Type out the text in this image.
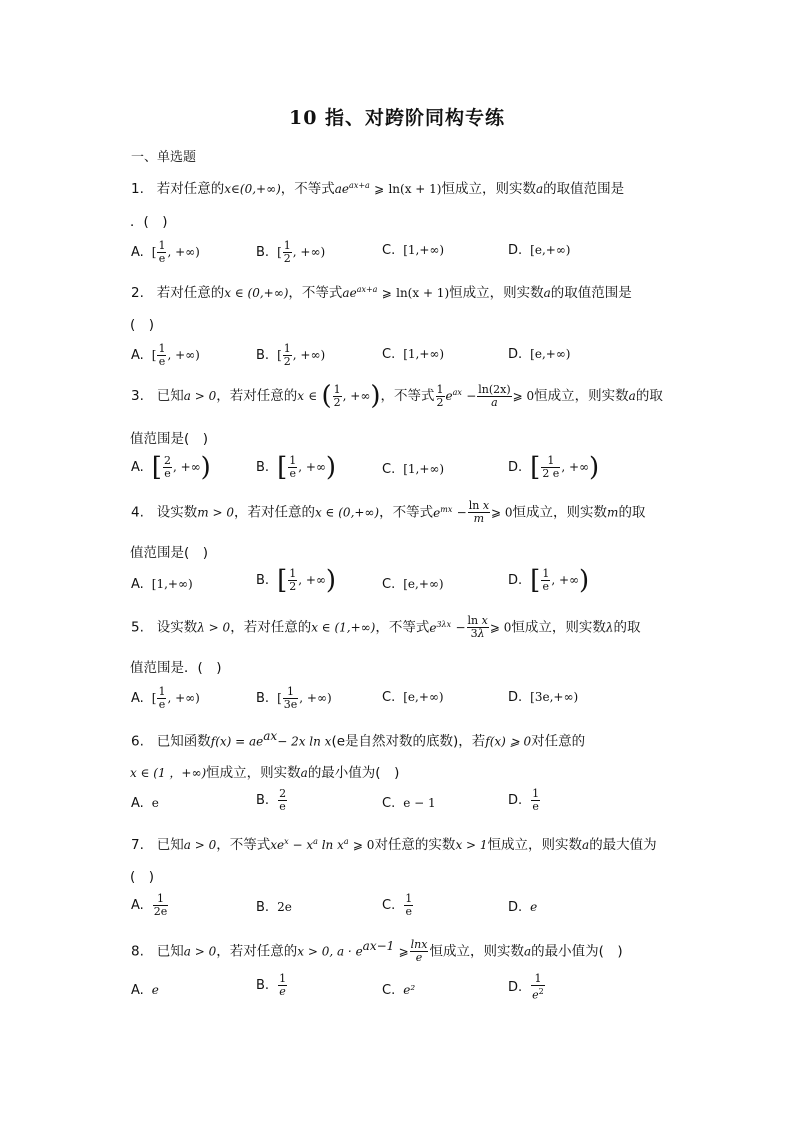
10 指、对跨阶同构专练
一、单选题
1. 若对任意的x∈(0,+∞)，不等式$ae^{ax+a}$ ⩾ ln(x + 1)恒成立，则实数a的取值范围是
．(　)
A. [ $\frac{1}{e}$ , +∞)	B. [ $\frac{1}{2}$ , +∞)	C. [1,+∞)	D. [e,+∞)
2. 若对任意的x ∈ (0,+∞)，不等式$ae^{ax+a}$ ⩾ ln(x + 1)恒成立，则实数a的取值范围是
(　)
A. [ $\frac{1}{e}$ , +∞)	B. [ $\frac{1}{2}$ , +∞)	C. [1,+∞)	D. [e,+∞)
3. 已知a > 0，若对任意的x ∈ ( $\frac{1}{2}$ , +∞)，不等式 $\frac{1}{2} e^{ax} - \frac{\ln(2x)}{a}$ ⩾ 0恒成立，则实数a的取
值范围是(　)
A. [ $\frac{2}{e}$ , +∞)	B. [ $\frac{1}{e}$ , +∞)	C. [1,+∞)	D. [ $\frac{1}{2 e}$ , +∞)
4. 设实数m > 0，若对任意的x ∈ (0,+∞)，不等式$e^{mx} - \frac{\text{ln x}}{m}$ ⩾ 0恒成立，则实数m的取
值范围是(　)
A. [1,+∞)	B. [ $\frac{1}{2}$ , +∞)	C. [e,+∞)	D. [ $\frac{1}{e}$ , +∞)
5. 设实数λ > 0，若对任意的x ∈ (1,+∞)，不等式$e^{3\lambda x} - \frac{\text{ln x}}{3\lambda}$ ⩾ 0恒成立，则实数λ的取
值范围是．(　)
A. [ $\frac{1}{e}$ , +∞)	B. [ $\frac{1}{3e}$ , +∞)	C. [e,+∞)	D. [3e,+∞)
6. 已知函数$f(x) = ae^{ax}- 2x$ ln x(e是自然对数的底数)，若f(x) ⩾ 0对任意的
x ∈ (1 ，+∞)恒成立，则实数a的最小值为(　)
A. e	B. $\frac{2}{e}$	C. e − 1	D. $\frac{1}{e}$
7. 已知a > 0，不等式$xe^x - x^a$ $\ln x^a$ ⩾ 0对任意的实数x > 1恒成立，则实数a的最大值为
(　)
A. $\frac{1}{2e}$	B. 2e	C. $\frac{1}{e}$	D. e
8. 已知a > 0，若对任意的x > 0, $a \cdot e^{ax-1}$ ⩾ $\frac{\ln x}{e}$ 恒成立，则实数a的最小值为(　)
A. e	B. $\frac{1}{e}$	C. e²	D. $\frac{1}{e^2}$
